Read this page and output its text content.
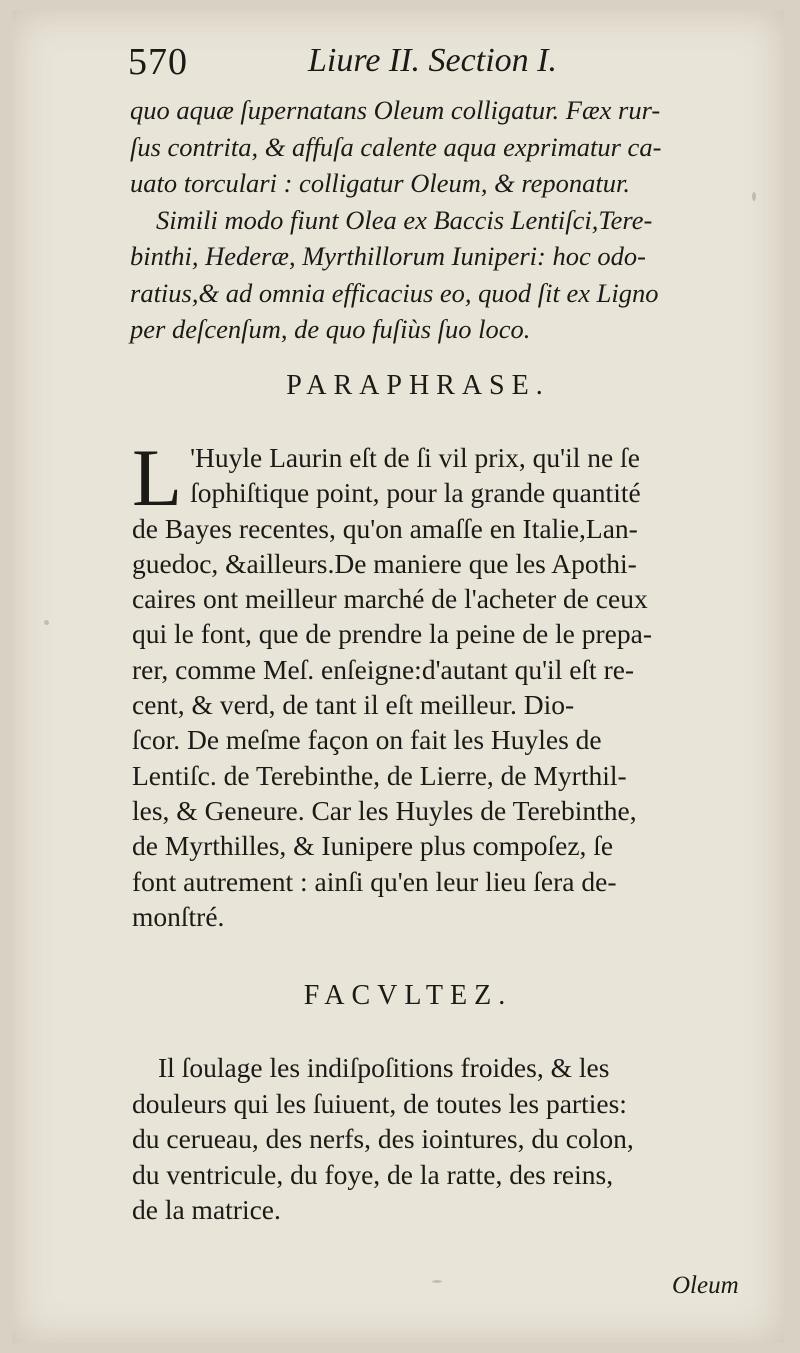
570	Liure II. Section I.
quo aquæ ſupernatans Oleum colligatur. Fæx rur-
ſus contrita, & affuſa calente aqua exprimatur ca-
uato torculari : colligatur Oleum, & reponatur.
Simili modo fiunt Olea ex Baccis Lentiſci,Tere-
binthi, Hederæ, Myrthillorum Iuniperi: hoc odo-
ratius,& ad omnia efficacius eo, quod ſit ex Ligno
per deſcenſum, de quo fuſiùs ſuo loco.
PARAPHRASE.
L 'Huyle Laurin eſt de ſi vil prix, qu'il ne ſe
ſophiſtique point, pour la grande quantité
de Bayes recentes, qu'on amaſſe en Italie,Lan-
guedoc, &ailleurs.De maniere que les Apothi-
caires ont meilleur marché de l'acheter de ceux
qui le font, que de prendre la peine de le prepa-
rer, comme Meſ. enſeigne:d'autant qu'il eſt re-
cent, & verd, de tant il eſt meilleur. Dio-
ſcor. De meſme façon on fait les Huyles de
Lentiſc. de Terebinthe, de Lierre, de Myrthil-
les, & Geneure. Car les Huyles de Terebinthe,
de Myrthilles, & Iunipere plus compoſez, ſe
font autrement : ainſi qu'en leur lieu ſera de-
monſtré.
FACVLTEZ.
Il ſoulage les indiſpoſitions froides, & les
douleurs qui les ſuiuent, de toutes les parties:
du cerueau, des nerfs, des iointures, du colon,
du ventricule, du foye, de la ratte, des reins,
de la matrice.
Oleum
